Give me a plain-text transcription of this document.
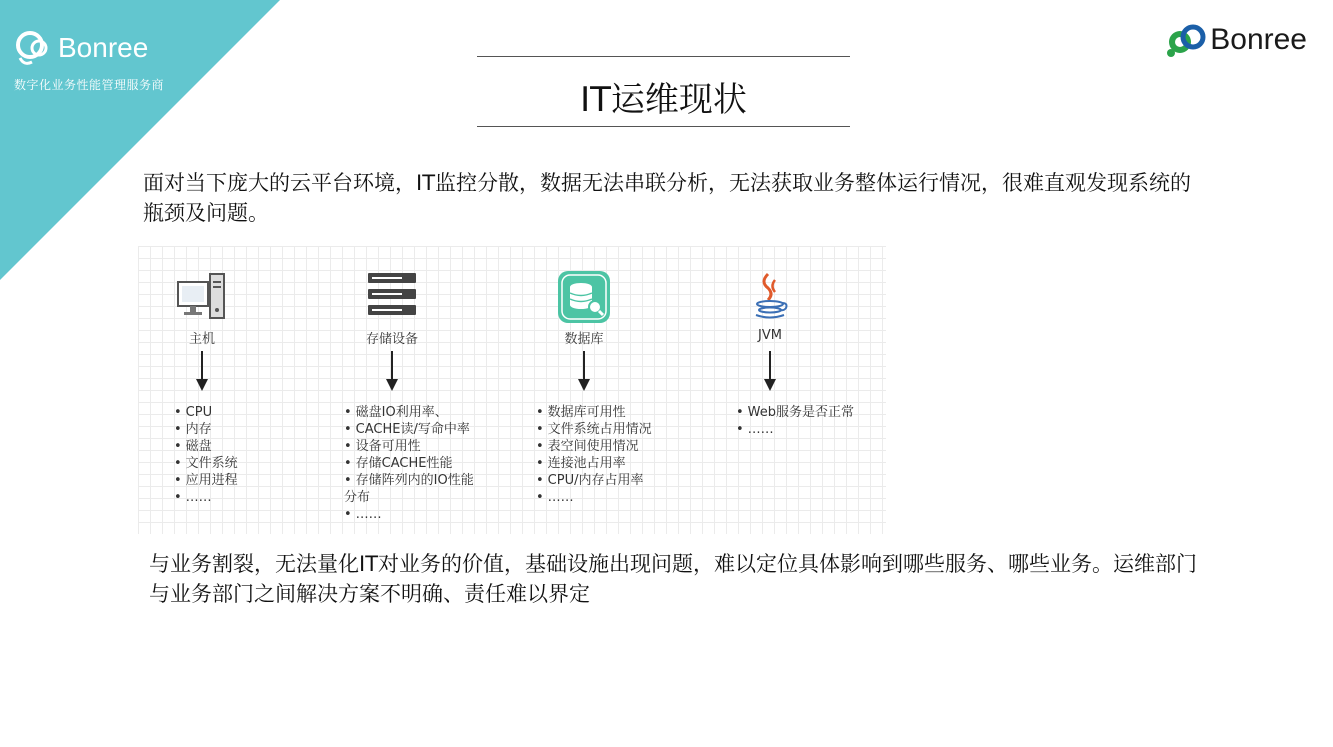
Bonree
数字化业务性能管理服务商
Bonree
IT运维现状
面对当下庞大的云平台环境，IT监控分散，数据无法串联分析，无法获取业务整体运行情况，很难直观发现系统的瓶颈及问题。
主机
• CPU
• 内存
• 磁盘
• 文件系统
• 应用进程
• ……
存储设备
• 磁盘IO利用率、
• CACHE读/写命中率
• 设备可用性
• 存储CACHE性能
• 存储阵列内的IO性能分布
• ……
数据库
• 数据库可用性
• 文件系统占用情况
• 表空间使用情况
• 连接池占用率
• CPU/内存占用率
• ……
JVM
• Web服务是否正常
• ……
与业务割裂，无法量化IT对业务的价值，基础设施出现问题，难以定位具体影响到哪些服务、哪些业务。运维部门与业务部门之间解决方案不明确、责任难以界定
